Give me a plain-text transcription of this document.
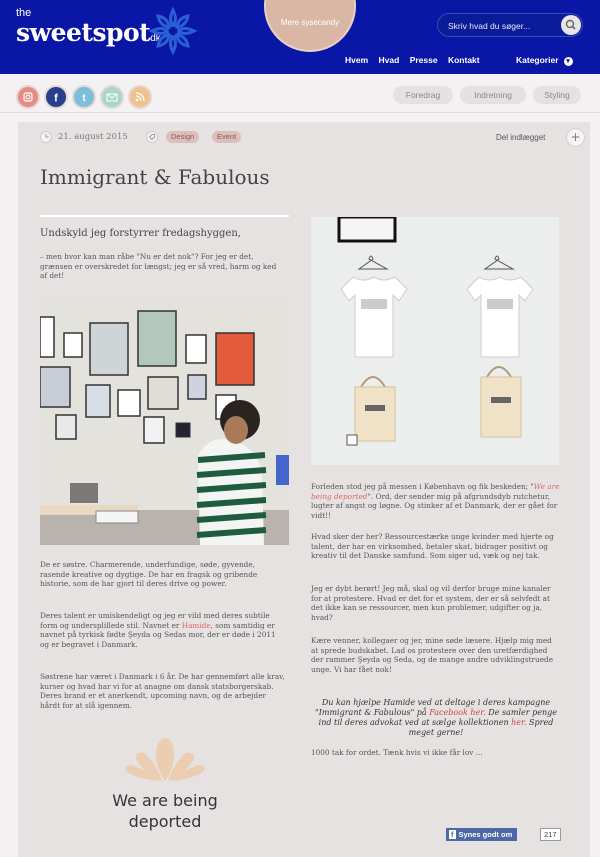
the
sweetspotdk
Mere sysecandy
Skriv hvad du søger...
Hvem Hvad Presse Kontakt	Kategorier ▾
f t	Foredrag	Indretning	Styling
21. august 2015	Design	Event	Del indlægget	+
Immigrant & Fabulous
Undskyld jeg forstyrrer fredagshyggen,
– men hvor kan man råbe "Nu er det nok"? For jeg er det, grænsen er overskredet for længst; jeg er så vred, harm og ked af det!
De er søstre. Charmerende, underfundige, søde, gyvende, rasende kreative og dygtige. De har en fragsk og gribende historie, som de har gjort til deres drive og power.
Deres talent er umiskendeligt og jeg er vild med deres subtile form og undersplillede stil. Navnet er Hamide, som samtidig er navnet på tyrkisk fødte Şeyda og Sedas mor, der er døde i 2011 og er begravet i Danmark.
Søstrene har været i Danmark i 6 år. De har gennemført alle krav, kurser og hvad har vi for at anagne om dansk statsborgerskab. Deres brand er et anerkendt, upcoming navn, og de arbejder hårdt for at slå igennem.
We are being deported
Forleden stod jeg på messen i København og fik beskeden; "We are being deported". Ord, der sender mig på afgrundsdyb rutchetur, lugter af angst og løgne. Og stinker af et Danmark, der er gået for vidt!!
Hvad sker der her? Ressourcestærke unge kvinder med hjerte og talent, der har en virksomhed, betaler skat, bidrager positivt og kreativ til det Danske samfund. Som siger ud, væk og nej tak.
Jeg er dybt berørt! Jeg må, skal og vil derfor bruge mine kanaler for at protestere. Hvad er det for et system, der er så selvfedt at det ikke kan se ressourcer, men kun problemer, udgifter og ja, hvad?
Kære venner, kollegaer og jer, mine søde læsere. Hjælp mig med at sprede budskabet. Lad os protestere over den uretfærdighed der rammer Şeyda og Seda, og de mange andre udviklingstruede unge. Vi har fået nok!
Du kan hjælpe Hamide ved at deltage i deres kampagne "Immigrant & Fabulous" på Facebook her. De samler penge ind til deres advokat ved at sælge kollektionen her. Spred meget gerne!
1000 tak for ordet. Tænk hvis vi ikke får lov ...
f Synes godt om	217
